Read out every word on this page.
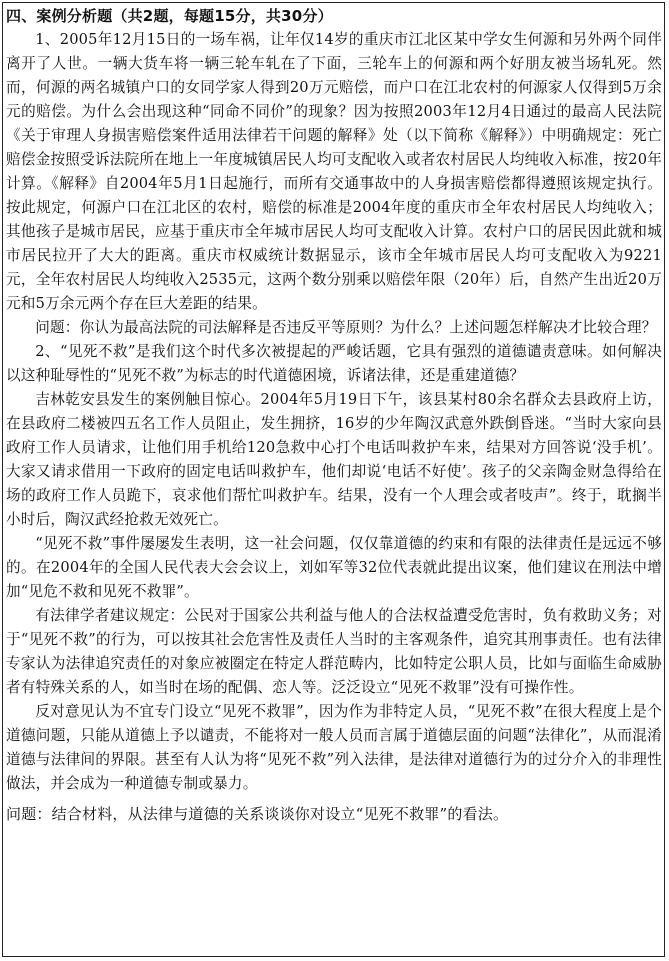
四、案例分析题（共2题，每题15分，共30分）

1、2005年12月15日的一场车祸，让年仅14岁的重庆市江北区某中学女生何源和另外两个同伴离开了人世。一辆大货车将一辆三轮车轧在了下面，三轮车上的何源和两个好朋友被当场轧死。然而，何源的两名城镇户口的女同学家人得到20万元赔偿，而户口在江北农村的何源家人仅得到5万余元的赔偿。为什么会出现这种“同命不同价”的现象？因为按照2003年12月4日通过的最高人民法院《关于审理人身损害赔偿案件适用法律若干问题的解释》处（以下简称《解释》）中明确规定：死亡赔偿金按照受诉法院所在地上一年度城镇居民人均可支配收入或者农村居民人均纯收入标准，按20年计算。《解释》自2004年5月1日起施行，而所有交通事故中的人身损害赔偿都得遵照该规定执行。按此规定，何源户口在江北区的农村，赔偿的标准是2004年度的重庆市全年农村居民人均纯收入；其他孩子是城市居民，应基于重庆市全年城市居民人均可支配收入计算。农村户口的居民因此就和城市居民拉开了大大的距离。重庆市权威统计数据显示，该市全年城市居民人均可支配收入为9221元，全年农村居民人均纯收入2535元，这两个数分别乘以赔偿年限（20年）后，自然产生出近20万元和5万余元两个存在巨大差距的结果。

问题：你认为最高法院的司法解释是否违反平等原则？为什么？上述问题怎样解决才比较合理？

2、“见死不救”是我们这个时代多次被提起的严峻话题，它具有强烈的道德谴责意味。如何解决以这种耻辱性的“见死不救”为标志的时代道德困境，诉诸法律，还是重建道德？

吉林乾安县发生的案例触目惊心。2004年5月19日下午，该县某村80余名群众去县政府上访，在县政府二楼被四五名工作人员阻止，发生拥挤，16岁的少年陶汉武意外跌倒昏迷。“当时大家向县政府工作人员请求，让他们用手机给120急救中心打个电话叫救护车来，结果对方回答说‘没手机’。大家又请求借用一下政府的固定电话叫救护车，他们却说‘电话不好使’。孩子的父亲陶金财急得给在场的政府工作人员跪下，哀求他们帮忙叫救护车。结果，没有一个人理会或者吱声”。终于，耽搁半小时后，陶汉武经抢救无效死亡。

“见死不救”事件屡屡发生表明，这一社会问题，仅仅靠道德的约束和有限的法律责任是远远不够的。在2004年的全国人民代表大会会议上，刘如军等32位代表就此提出议案，他们建议在刑法中增加“见危不救和见死不救罪”。

有法律学者建议规定：公民对于国家公共利益与他人的合法权益遭受危害时，负有救助义务；对于“见死不救”的行为，可以按其社会危害性及责任人当时的主客观条件，追究其刑事责任。也有法律专家认为法律追究责任的对象应被圈定在特定人群范畴内，比如特定公职人员，比如与面临生命威胁者有特殊关系的人，如当时在场的配偶、恋人等。泛泛设立“见死不救罪”没有可操作性。

反对意见认为不宜专门设立“见死不救罪”，因为作为非特定人员，“见死不救”在很大程度上是个道德问题，只能从道德上予以谴责，不能将对一般人员而言属于道德层面的问题“法律化”，从而混淆道德与法律间的界限。甚至有人认为将“见死不救”列入法律，是法律对道德行为的过分介入的非理性做法，并会成为一种道德专制或暴力。

问题：结合材料，从法律与道德的关系谈谈你对设立“见死不救罪”的看法。
